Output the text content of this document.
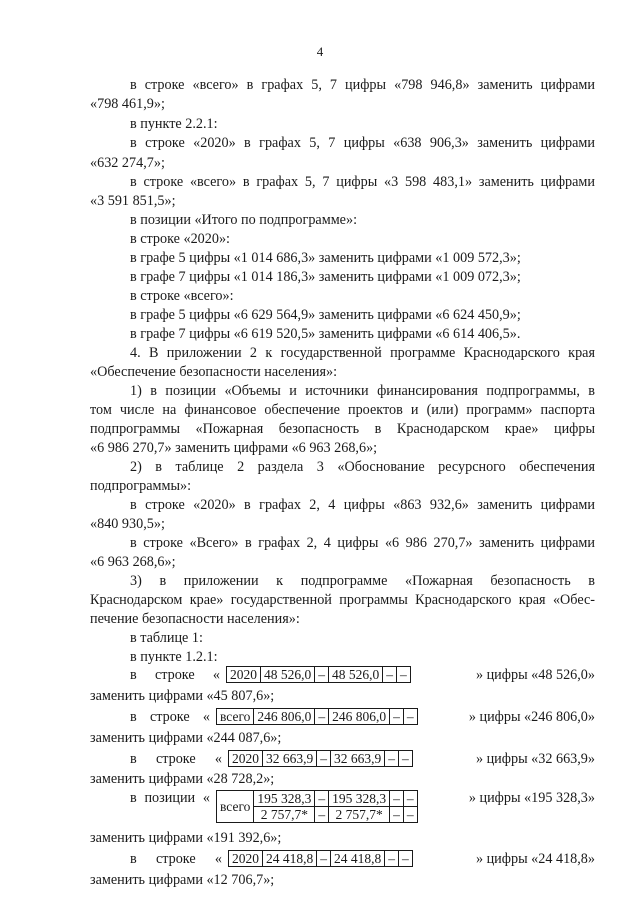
4
в строке «всего» в графах 5, 7 цифры «798 946,8» заменить цифрами
«798 461,9»;
в пункте 2.2.1:
в строке «2020» в графах 5, 7 цифры «638 906,3» заменить цифрами
«632 274,7»;
в строке «всего» в графах 5, 7 цифры «3 598 483,1» заменить цифрами
«3 591 851,5»;
в позиции «Итого по подпрограмме»:
в строке «2020»:
в графе 5 цифры «1 014 686,3» заменить цифрами «1 009 572,3»;
в графе 7 цифры «1 014 186,3» заменить цифрами «1 009 072,3»;
в строке «всего»:
в графе 5 цифры «6 629 564,9» заменить цифрами «6 624 450,9»;
в графе 7 цифры «6 619 520,5» заменить цифрами «6 614 406,5».
4. В приложении 2 к государственной программе Краснодарского края
«Обеспечение безопасности населения»:
1) в позиции «Объемы и источники финансирования подпрограммы, в
том числе на финансовое обеспечение проектов и (или) программ» паспорта
подпрограммы «Пожарная безопасность в Краснодарском крае» цифры
«6 986 270,7» заменить цифрами «6 963 268,6»;
2) в таблице 2 раздела 3 «Обоснование ресурсного обеспечения
подпрограммы»:
в строке «2020» в графах 2, 4 цифры «863 932,6» заменить цифрами
«840 930,5»;
в строке «Всего» в графах 2, 4 цифры «6 986 270,7» заменить цифрами
«6 963 268,6»;
3) в приложении к подпрограмме «Пожарная безопасность в
Краснодарском крае» государственной программы Краснодарского края «Обес-
печение безопасности населения»:
в таблице 1:
в пункте 1.2.1:
в строке « 2020	48 526,0	–	48 526,0	–	–	» цифры «48 526,0»
заменить цифрами «45 807,6»;
в строке « всего	246 806,0	–	246 806,0	–	–	» цифры «246 806,0»
заменить цифрами «244 087,6»;
в строке « 2020	32 663,9	–	32 663,9	–	–	» цифры «32 663,9»
заменить цифрами «28 728,2»;
в позиции «
всего	195 328,3	–	195 328,3	–	–
	2 757,7*	–	2 757,7*	–	–
» цифры «195 328,3»
заменить цифрами «191 392,6»;
в строке « 2020	24 418,8	–	24 418,8	–	–	» цифры «24 418,8»
заменить цифрами «12 706,7»;
